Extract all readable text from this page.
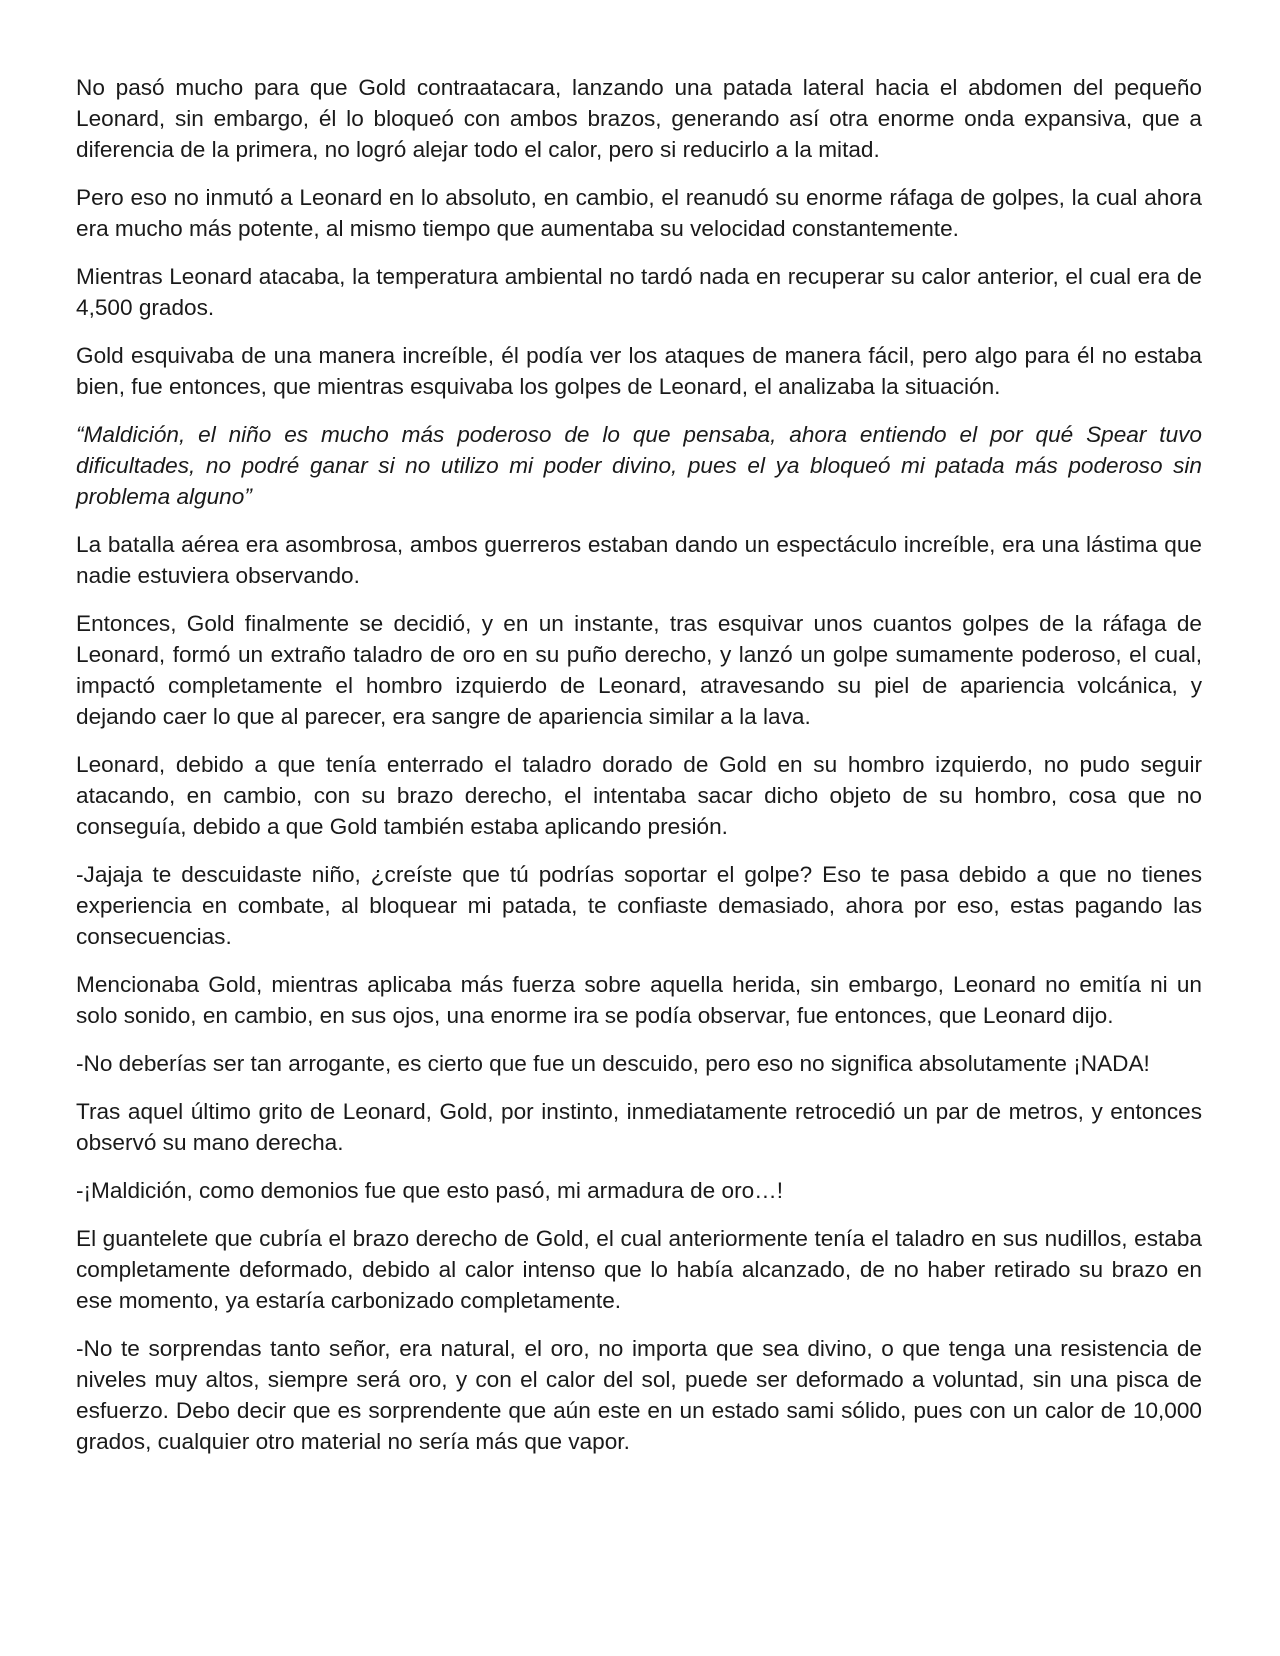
No pasó mucho para que Gold contraatacara, lanzando una patada lateral hacia el abdomen del pequeño Leonard, sin embargo, él lo bloqueó con ambos brazos, generando así otra enorme onda expansiva, que a diferencia de la primera, no logró alejar todo el calor, pero si reducirlo a la mitad.

Pero eso no inmutó a Leonard en lo absoluto, en cambio, el reanudó su enorme ráfaga de golpes, la cual ahora era mucho más potente, al mismo tiempo que aumentaba su velocidad constantemente.

Mientras Leonard atacaba, la temperatura ambiental no tardó nada en recuperar su calor anterior, el cual era de 4,500 grados.

Gold esquivaba de una manera increíble, él podía ver los ataques de manera fácil, pero algo para él no estaba bien, fue entonces, que mientras esquivaba los golpes de Leonard, el analizaba la situación.

“Maldición, el niño es mucho más poderoso de lo que pensaba, ahora entiendo el por qué Spear tuvo dificultades, no podré ganar si no utilizo mi poder divino, pues el ya bloqueó mi patada más poderoso sin problema alguno”

La batalla aérea era asombrosa, ambos guerreros estaban dando un espectáculo increíble, era una lástima que nadie estuviera observando.

Entonces, Gold finalmente se decidió, y en un instante, tras esquivar unos cuantos golpes de la ráfaga de Leonard, formó un extraño taladro de oro en su puño derecho, y lanzó un golpe sumamente poderoso, el cual, impactó completamente el hombro izquierdo de Leonard, atravesando su piel de apariencia volcánica, y dejando caer lo que al parecer, era sangre de apariencia similar a la lava.

Leonard, debido a que tenía enterrado el taladro dorado de Gold en su hombro izquierdo, no pudo seguir atacando, en cambio, con su brazo derecho, el intentaba sacar dicho objeto de su hombro, cosa que no conseguía, debido a que Gold también estaba aplicando presión.

-Jajaja te descuidaste niño, ¿creíste que tú podrías soportar el golpe? Eso te pasa debido a que no tienes experiencia en combate, al bloquear mi patada, te confiaste demasiado, ahora por eso, estas pagando las consecuencias.

Mencionaba Gold, mientras aplicaba más fuerza sobre aquella herida, sin embargo, Leonard no emitía ni un solo sonido, en cambio, en sus ojos, una enorme ira se podía observar, fue entonces, que Leonard dijo.

-No deberías ser tan arrogante, es cierto que fue un descuido, pero eso no significa absolutamente ¡NADA!

Tras aquel último grito de Leonard, Gold, por instinto, inmediatamente retrocedió un par de metros, y entonces observó su mano derecha.

-¡Maldición, como demonios fue que esto pasó, mi armadura de oro…!

El guantelete que cubría el brazo derecho de Gold, el cual anteriormente tenía el taladro en sus nudillos, estaba completamente deformado, debido al calor intenso que lo había alcanzado, de no haber retirado su brazo en ese momento, ya estaría carbonizado completamente.

-No te sorprendas tanto señor, era natural, el oro, no importa que sea divino, o que tenga una resistencia de niveles muy altos, siempre será oro, y con el calor del sol, puede ser deformado a voluntad, sin una pisca de esfuerzo. Debo decir que es sorprendente que aún este en un estado sami sólido, pues con un calor de 10,000 grados, cualquier otro material no sería más que vapor.
